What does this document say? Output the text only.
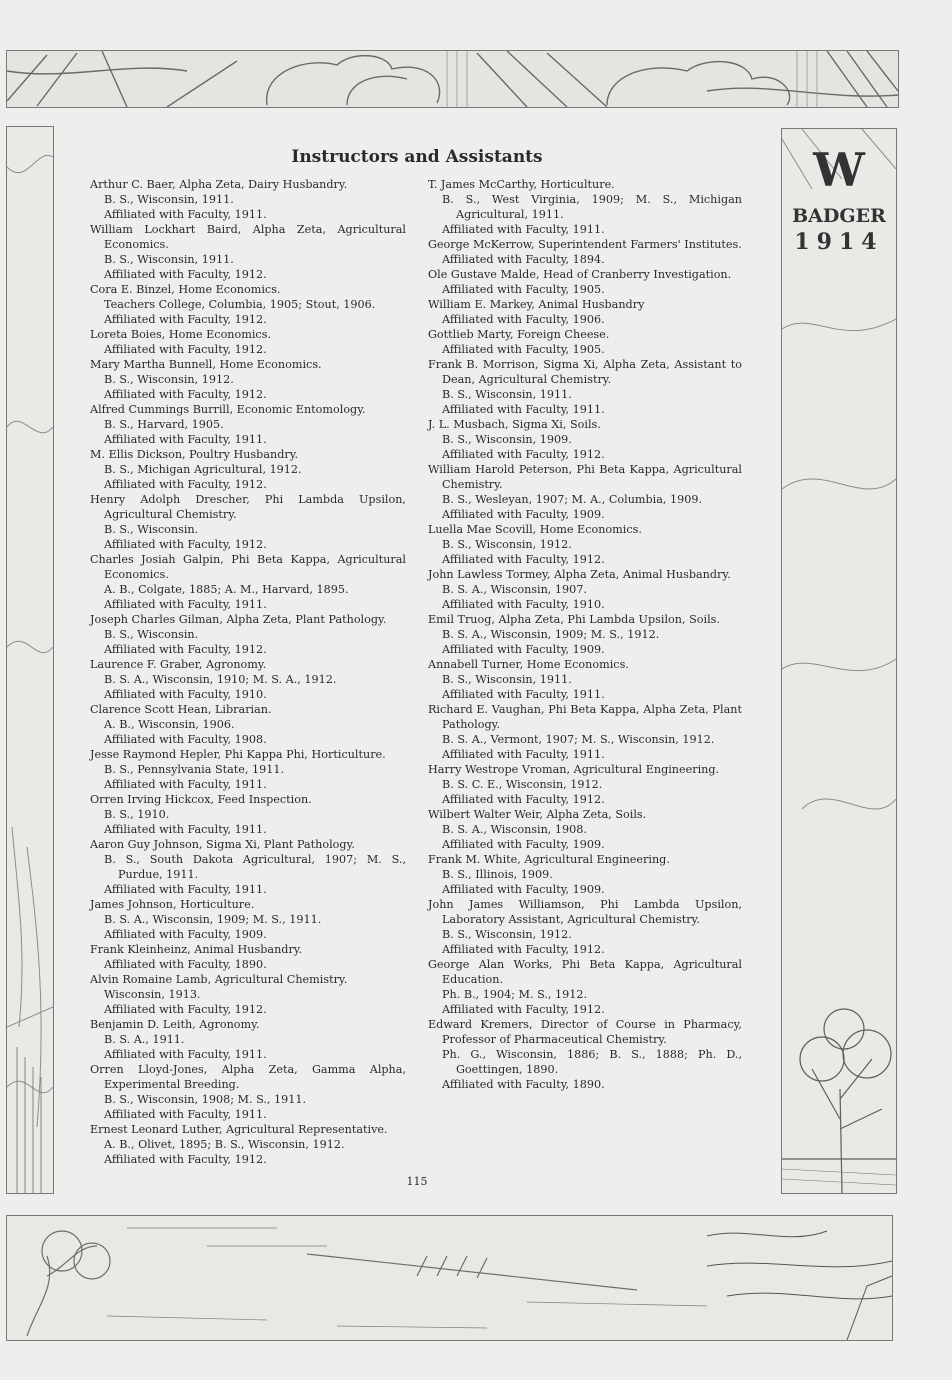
W
BADGER
1914
Instructors and Assistants
Arthur C. Baer, Alpha Zeta, Dairy Husbandry.
B. S., Wisconsin, 1911.
Affiliated with Faculty, 1911.
William Lockhart Baird, Alpha Zeta, Agricultural Economics.
B. S., Wisconsin, 1911.
Affiliated with Faculty, 1912.
Cora E. Binzel, Home Economics.
Teachers College, Columbia, 1905; Stout, 1906.
Affiliated with Faculty, 1912.
Loreta Boies, Home Economics.
Affiliated with Faculty, 1912.
Mary Martha Bunnell, Home Economics.
B. S., Wisconsin, 1912.
Affiliated with Faculty, 1912.
Alfred Cummings Burrill, Economic Entomology.
B. S., Harvard, 1905.
Affiliated with Faculty, 1911.
M. Ellis Dickson, Poultry Husbandry.
B. S., Michigan Agricultural, 1912.
Affiliated with Faculty, 1912.
Henry Adolph Drescher, Phi Lambda Upsilon, Agricultural Chemistry.
B. S., Wisconsin.
Affiliated with Faculty, 1912.
Charles Josiah Galpin, Phi Beta Kappa, Agricultural Economics.
A. B., Colgate, 1885; A. M., Harvard, 1895.
Affiliated with Faculty, 1911.
Joseph Charles Gilman, Alpha Zeta, Plant Pathology.
B. S., Wisconsin.
Affiliated with Faculty, 1912.
Laurence F. Graber, Agronomy.
B. S. A., Wisconsin, 1910; M. S. A., 1912.
Affiliated with Faculty, 1910.
Clarence Scott Hean, Librarian.
A. B., Wisconsin, 1906.
Affiliated with Faculty, 1908.
Jesse Raymond Hepler, Phi Kappa Phi, Horticulture.
B. S., Pennsylvania State, 1911.
Affiliated with Faculty, 1911.
Orren Irving Hickcox, Feed Inspection.
B. S., 1910.
Affiliated with Faculty, 1911.
Aaron Guy Johnson, Sigma Xi, Plant Pathology.
B. S., South Dakota Agricultural, 1907; M. S., Purdue, 1911.
Affiliated with Faculty, 1911.
James Johnson, Horticulture.
B. S. A., Wisconsin, 1909; M. S., 1911.
Affiliated with Faculty, 1909.
Frank Kleinheinz, Animal Husbandry.
Affiliated with Faculty, 1890.
Alvin Romaine Lamb, Agricultural Chemistry.
Wisconsin, 1913.
Affiliated with Faculty, 1912.
Benjamin D. Leith, Agronomy.
B. S. A., 1911.
Affiliated with Faculty, 1911.
Orren Lloyd-Jones, Alpha Zeta, Gamma Alpha, Experimental Breeding.
B. S., Wisconsin, 1908; M. S., 1911.
Affiliated with Faculty, 1911.
Ernest Leonard Luther, Agricultural Representative.
A. B., Olivet, 1895; B. S., Wisconsin, 1912.
Affiliated with Faculty, 1912.
T. James McCarthy, Horticulture.
B. S., West Virginia, 1909; M. S., Michigan Agricultural, 1911.
Affiliated with Faculty, 1911.
George McKerrow, Superintendent Farmers' Institutes.
Affiliated with Faculty, 1894.
Ole Gustave Malde, Head of Cranberry Investigation.
Affiliated with Faculty, 1905.
William E. Markey, Animal Husbandry
Affiliated with Faculty, 1906.
Gottlieb Marty, Foreign Cheese.
Affiliated with Faculty, 1905.
Frank B. Morrison, Sigma Xi, Alpha Zeta, Assistant to Dean, Agricultural Chemistry.
B. S., Wisconsin, 1911.
Affiliated with Faculty, 1911.
J. L. Musbach, Sigma Xi, Soils.
B. S., Wisconsin, 1909.
Affiliated with Faculty, 1912.
William Harold Peterson, Phi Beta Kappa, Agricultural Chemistry.
B. S., Wesleyan, 1907; M. A., Columbia, 1909.
Affiliated with Faculty, 1909.
Luella Mae Scovill, Home Economics.
B. S., Wisconsin, 1912.
Affiliated with Faculty, 1912.
John Lawless Tormey, Alpha Zeta, Animal Husbandry.
B. S. A., Wisconsin, 1907.
Affiliated with Faculty, 1910.
Emil Truog, Alpha Zeta, Phi Lambda Upsilon, Soils.
B. S. A., Wisconsin, 1909; M. S., 1912.
Affiliated with Faculty, 1909.
Annabell Turner, Home Economics.
B. S., Wisconsin, 1911.
Affiliated with Faculty, 1911.
Richard E. Vaughan, Phi Beta Kappa, Alpha Zeta, Plant Pathology.
B. S. A., Vermont, 1907; M. S., Wisconsin, 1912.
Affiliated with Faculty, 1911.
Harry Westrope Vroman, Agricultural Engineering.
B. S. C. E., Wisconsin, 1912.
Affiliated with Faculty, 1912.
Wilbert Walter Weir, Alpha Zeta, Soils.
B. S. A., Wisconsin, 1908.
Affiliated with Faculty, 1909.
Frank M. White, Agricultural Engineering.
B. S., Illinois, 1909.
Affiliated with Faculty, 1909.
John James Williamson, Phi Lambda Upsilon, Laboratory Assistant, Agricultural Chemistry.
B. S., Wisconsin, 1912.
Affiliated with Faculty, 1912.
George Alan Works, Phi Beta Kappa, Agricultural Education.
Ph. B., 1904; M. S., 1912.
Affiliated with Faculty, 1912.
Edward Kremers, Director of Course in Pharmacy, Professor of Pharmaceutical Chemistry.
Ph. G., Wisconsin, 1886; B. S., 1888; Ph. D., Goettingen, 1890.
Affiliated with Faculty, 1890.
115
